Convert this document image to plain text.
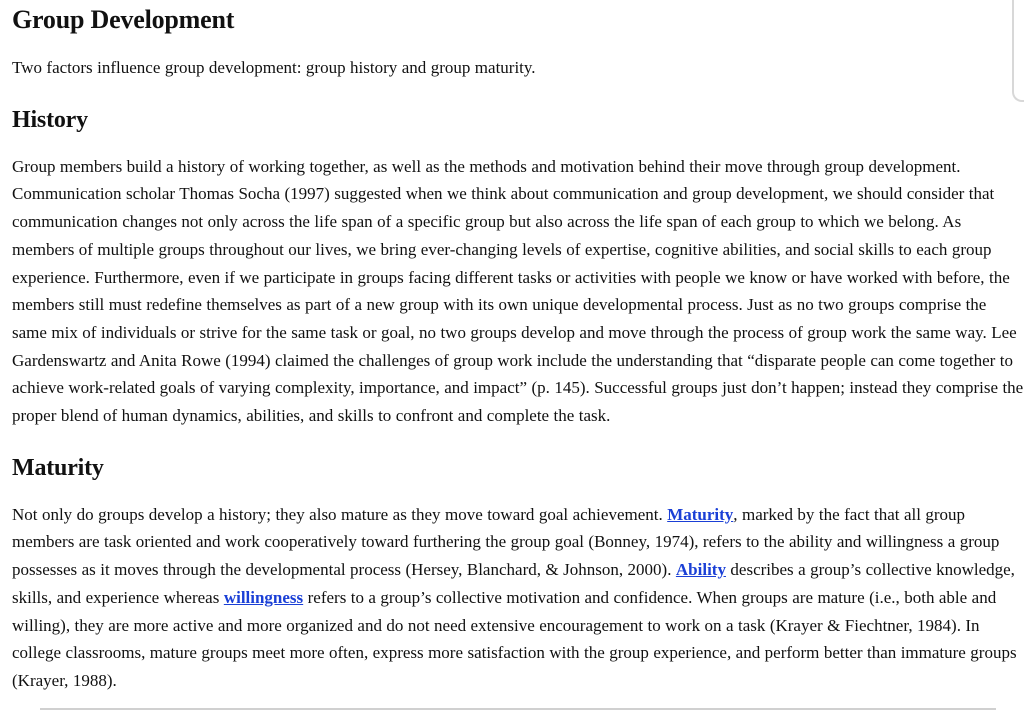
Group Development

Two factors influence group development: group history and group maturity.

History

Group members build a history of working together, as well as the methods and motivation behind their move through group development. Communication scholar Thomas Socha (1997) suggested when we think about communication and group development, we should consider that communication changes not only across the life span of a specific group but also across the life span of each group to which we belong. As members of multiple groups throughout our lives, we bring ever-changing levels of expertise, cognitive abilities, and social skills to each group experience. Furthermore, even if we participate in groups facing different tasks or activities with people we know or have worked with before, the members still must redefine themselves as part of a new group with its own unique developmental process. Just as no two groups comprise the same mix of individuals or strive for the same task or goal, no two groups develop and move through the process of group work the same way. Lee Gardenswartz and Anita Rowe (1994) claimed the challenges of group work include the understanding that “disparate people can come together to achieve work-related goals of varying complexity, importance, and impact” (p. 145). Successful groups just don’t happen; instead they comprise the proper blend of human dynamics, abilities, and skills to confront and complete the task.

Maturity

Not only do groups develop a history; they also mature as they move toward goal achievement. Maturity, marked by the fact that all group members are task oriented and work cooperatively toward furthering the group goal (Bonney, 1974), refers to the ability and willingness a group possesses as it moves through the developmental process (Hersey, Blanchard, & Johnson, 2000). Ability describes a group’s collective knowledge, skills, and experience whereas willingness refers to a group’s collective motivation and confidence. When groups are mature (i.e., both able and willing), they are more active and more organized and do not need extensive encouragement to work on a task (Krayer & Fiechtner, 1984). In college classrooms, mature groups meet more often, express more satisfaction with the group experience, and perform better than immature groups (Krayer, 1988).
